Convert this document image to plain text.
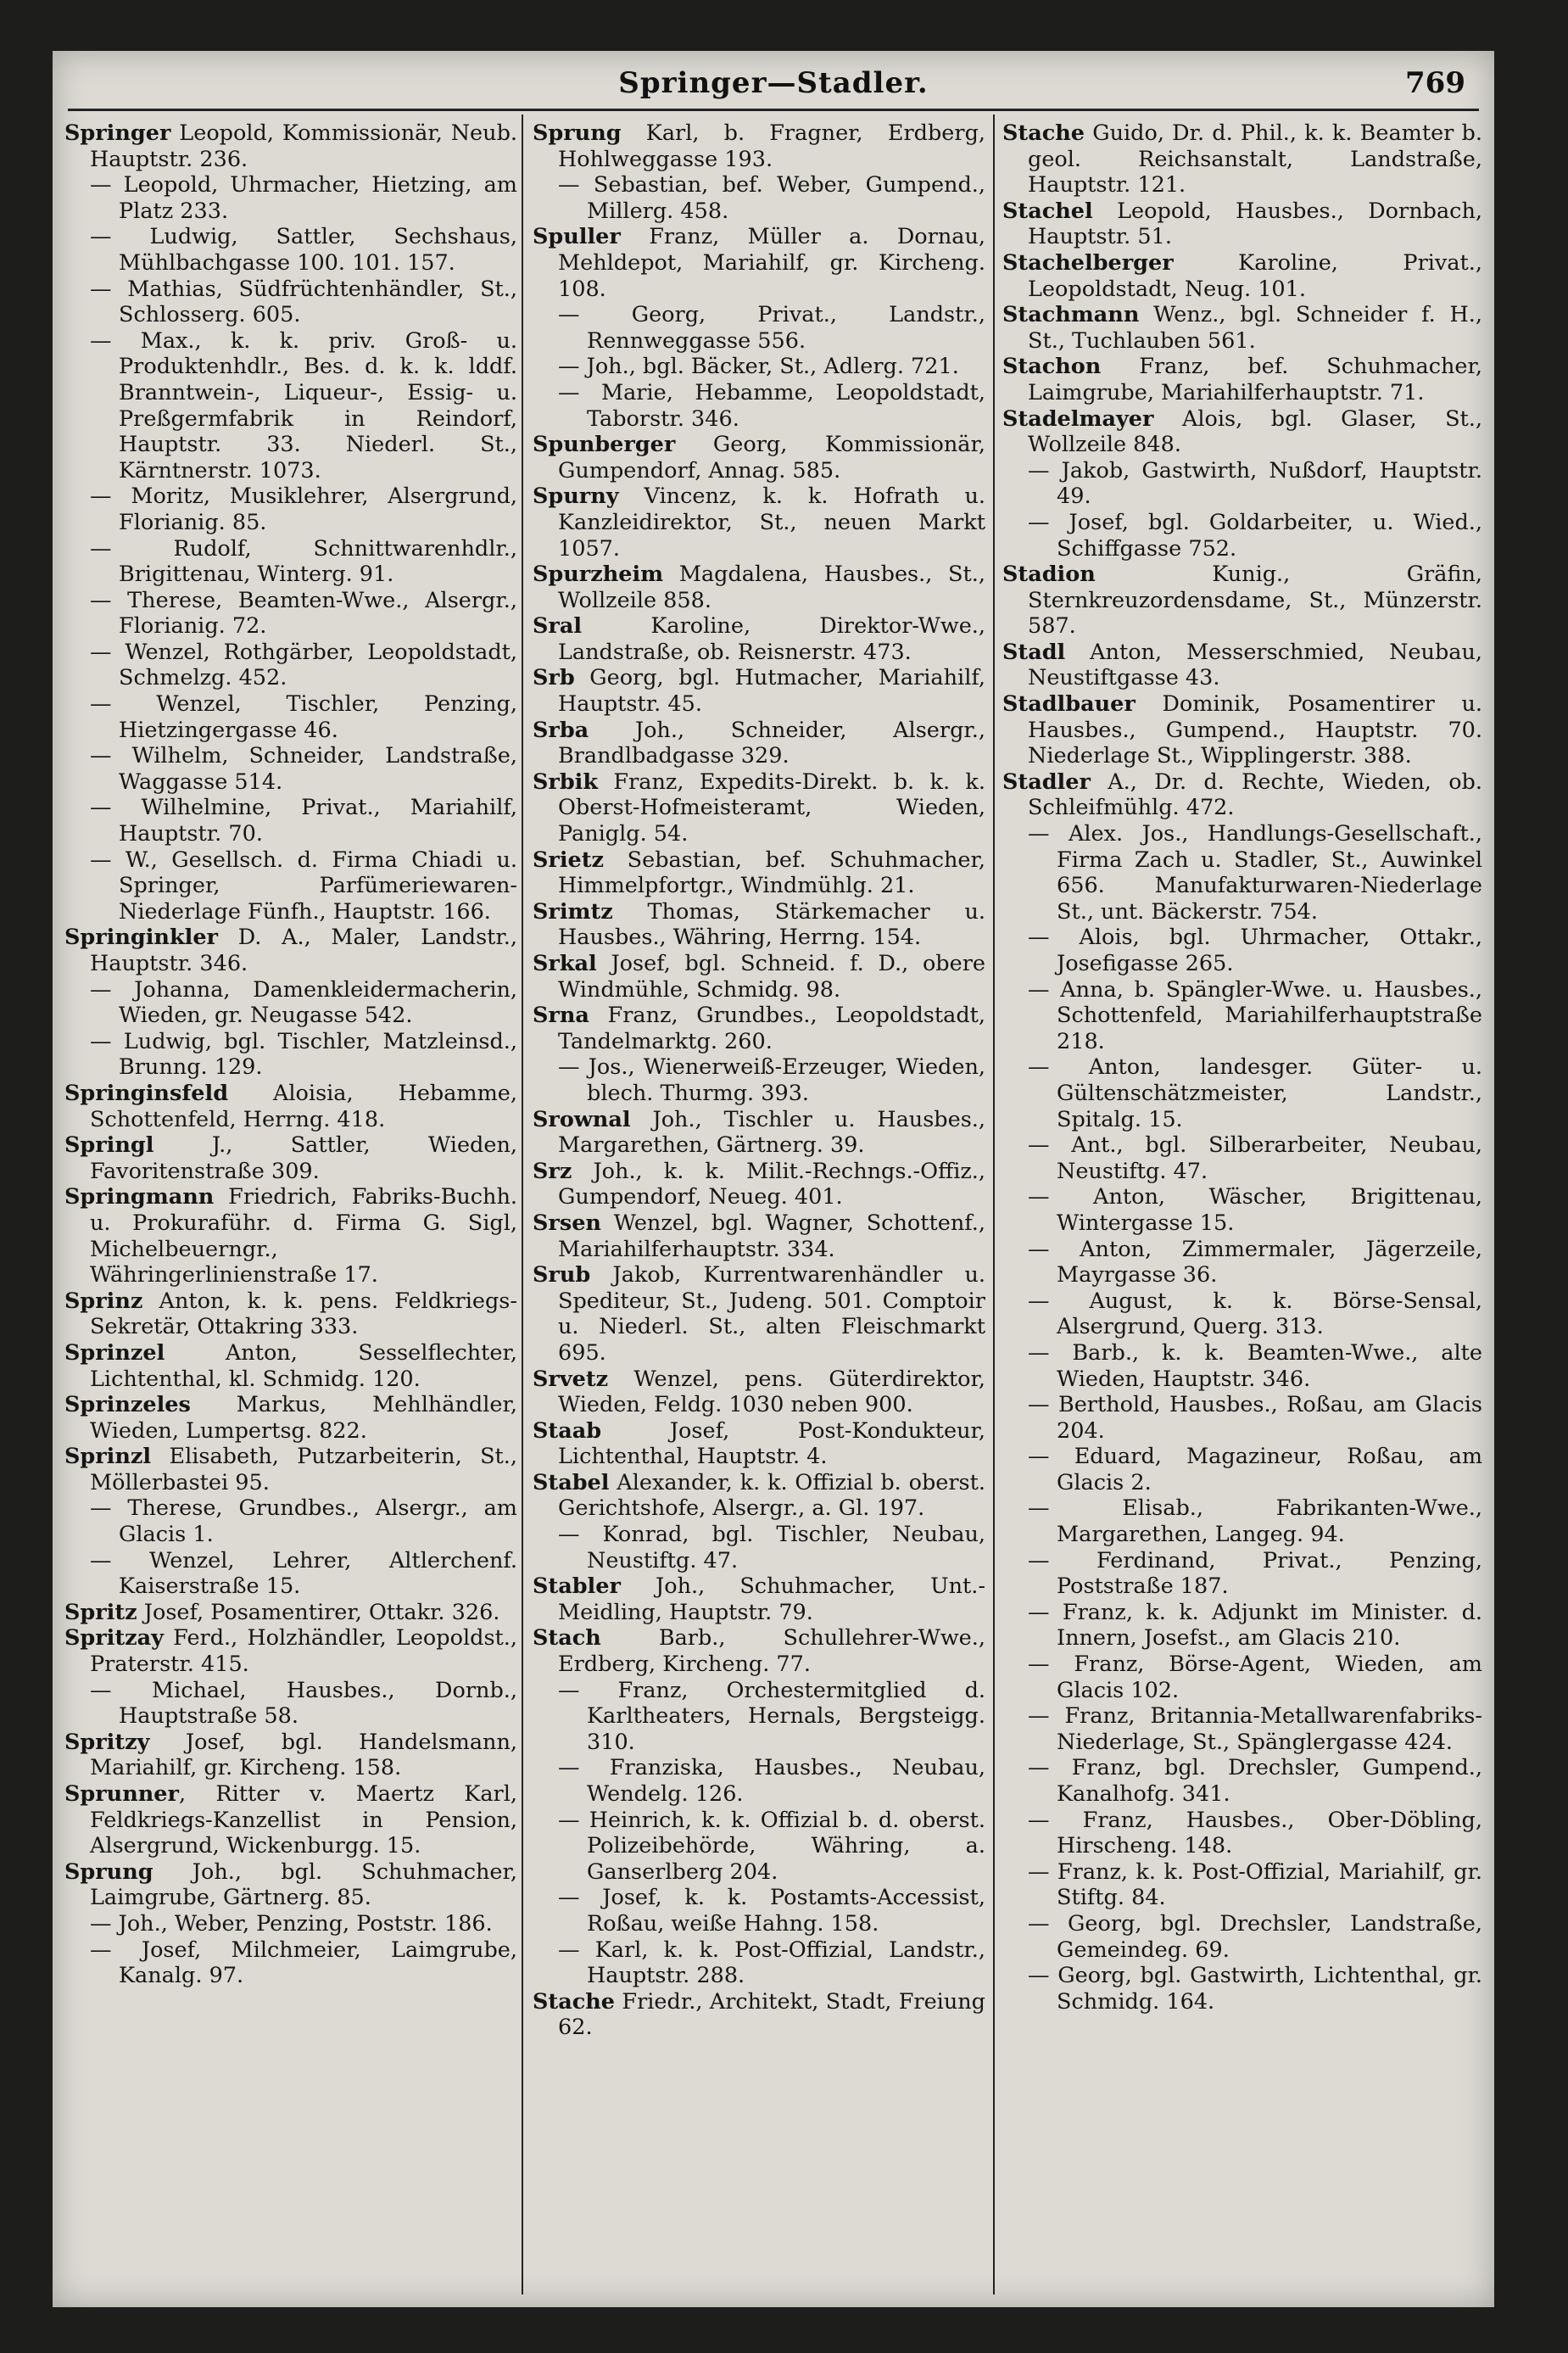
Springer—Stadler.	769

Springer Leopold, Kommissionär, Neub. Hauptstr. 236.

— Leopold, Uhrmacher, Hietzing, am Platz 233.

— Ludwig, Sattler, Sechshaus, Mühlbachgasse 100. 101. 157.

— Mathias, Südfrüchtenhändler, St., Schlosserg. 605.

— Max., k. k. priv. Groß- u. Produktenhdlr., Bes. d. k. k. lddf. Branntwein-, Liqueur-, Essig- u. Preßgermfabrik in Reindorf, Hauptstr. 33. Niederl. St., Kärntnerstr. 1073.

— Moritz, Musiklehrer, Alsergrund, Florianig. 85.

— Rudolf, Schnittwarenhdlr., Brigittenau, Winterg. 91.

— Therese, Beamten-Wwe., Alsergr., Florianig. 72.

— Wenzel, Rothgärber, Leopoldstadt, Schmelzg. 452.

— Wenzel, Tischler, Penzing, Hietzingergasse 46.

— Wilhelm, Schneider, Landstraße, Waggasse 514.

— Wilhelmine, Privat., Mariahilf, Hauptstr. 70.

— W., Gesellsch. d. Firma Chiadi u. Springer, Parfümeriewaren-Niederlage Fünfh., Hauptstr. 166.

Springinkler D. A., Maler, Landstr., Hauptstr. 346.

— Johanna, Damenkleidermacherin, Wieden, gr. Neugasse 542.

— Ludwig, bgl. Tischler, Matzleinsd., Brunng. 129.

Springinsfeld Aloisia, Hebamme, Schottenfeld, Herrng. 418.

Springl J., Sattler, Wieden, Favoritenstraße 309.

Springmann Friedrich, Fabriks-Buchh. u. Prokuraführ. d. Firma G. Sigl, Michelbeuerngr., Währingerlinienstraße 17.

Sprinz Anton, k. k. pens. Feldkriegs-Sekretär, Ottakring 333.

Sprinzel Anton, Sesselflechter, Lichtenthal, kl. Schmidg. 120.

Sprinzeles Markus, Mehlhändler, Wieden, Lumpertsg. 822.

Sprinzl Elisabeth, Putzarbeiterin, St., Möllerbastei 95.

— Therese, Grundbes., Alsergr., am Glacis 1.

— Wenzel, Lehrer, Altlerchenf. Kaiserstraße 15.

Spritz Josef, Posamentirer, Ottakr. 326.

Spritzay Ferd., Holzhändler, Leopoldst., Praterstr. 415.

— Michael, Hausbes., Dornb., Hauptstraße 58.

Spritzy Josef, bgl. Handelsmann, Mariahilf, gr. Kircheng. 158.

Sprunner, Ritter v. Maertz Karl, Feldkriegs-Kanzellist in Pension, Alsergrund, Wickenburgg. 15.

Sprung Joh., bgl. Schuhmacher, Laimgrube, Gärtnerg. 85.

— Joh., Weber, Penzing, Poststr. 186.

— Josef, Milchmeier, Laimgrube, Kanalg. 97.

Sprung Karl, b. Fragner, Erdberg, Hohlweggasse 193.

— Sebastian, bef. Weber, Gumpend., Millerg. 458.

Spuller Franz, Müller a. Dornau, Mehldepot, Mariahilf, gr. Kircheng. 108.

— Georg, Privat., Landstr., Rennweggasse 556.

— Joh., bgl. Bäcker, St., Adlerg. 721.

— Marie, Hebamme, Leopoldstadt, Taborstr. 346.

Spunberger Georg, Kommissionär, Gumpendorf, Annag. 585.

Spurny Vincenz, k. k. Hofrath u. Kanzleidirektor, St., neuen Markt 1057.

Spurzheim Magdalena, Hausbes., St., Wollzeile 858.

Sral Karoline, Direktor-Wwe., Landstraße, ob. Reisnerstr. 473.

Srb Georg, bgl. Hutmacher, Mariahilf, Hauptstr. 45.

Srba Joh., Schneider, Alsergr., Brandlbadgasse 329.

Srbik Franz, Expedits-Direkt. b. k. k. Oberst-Hofmeisteramt, Wieden, Paniglg. 54.

Srietz Sebastian, bef. Schuhmacher, Himmelpfortgr., Windmühlg. 21.

Srimtz Thomas, Stärkemacher u. Hausbes., Währing, Herrng. 154.

Srkal Josef, bgl. Schneid. f. D., obere Windmühle, Schmidg. 98.

Srna Franz, Grundbes., Leopoldstadt, Tandelmarktg. 260.

— Jos., Wienerweiß-Erzeuger, Wieden, blech. Thurmg. 393.

Srownal Joh., Tischler u. Hausbes., Margarethen, Gärtnerg. 39.

Srz Joh., k. k. Milit.-Rechngs.-Offiz., Gumpendorf, Neueg. 401.

Srsen Wenzel, bgl. Wagner, Schottenf., Mariahilferhauptstr. 334.

Srub Jakob, Kurrentwarenhändler u. Spediteur, St., Judeng. 501. Comptoir u. Niederl. St., alten Fleischmarkt 695.

Srvetz Wenzel, pens. Güterdirektor, Wieden, Feldg. 1030 neben 900.

Staab Josef, Post-Kondukteur, Lichtenthal, Hauptstr. 4.

Stabel Alexander, k. k. Offizial b. oberst. Gerichtshofe, Alsergr., a. Gl. 197.

— Konrad, bgl. Tischler, Neubau, Neustiftg. 47.

Stabler Joh., Schuhmacher, Unt.-Meidling, Hauptstr. 79.

Stach Barb., Schullehrer-Wwe., Erdberg, Kircheng. 77.

— Franz, Orchestermitglied d. Karltheaters, Hernals, Bergsteigg. 310.

— Franziska, Hausbes., Neubau, Wendelg. 126.

— Heinrich, k. k. Offizial b. d. oberst. Polizeibehörde, Währing, a. Ganserlberg 204.

— Josef, k. k. Postamts-Accessist, Roßau, weiße Hahng. 158.

— Karl, k. k. Post-Offizial, Landstr., Hauptstr. 288.

Stache Friedr., Architekt, Stadt, Freiung 62.

Stache Guido, Dr. d. Phil., k. k. Beamter b. geol. Reichsanstalt, Landstraße, Hauptstr. 121.

Stachel Leopold, Hausbes., Dornbach, Hauptstr. 51.

Stachelberger Karoline, Privat., Leopoldstadt, Neug. 101.

Stachmann Wenz., bgl. Schneider f. H., St., Tuchlauben 561.

Stachon Franz, bef. Schuhmacher, Laimgrube, Mariahilferhauptstr. 71.

Stadelmayer Alois, bgl. Glaser, St., Wollzeile 848.

— Jakob, Gastwirth, Nußdorf, Hauptstr. 49.

— Josef, bgl. Goldarbeiter, u. Wied., Schiffgasse 752.

Stadion Kunig., Gräfin, Sternkreuzordensdame, St., Münzerstr. 587.

Stadl Anton, Messerschmied, Neubau, Neustiftgasse 43.

Stadlbauer Dominik, Posamentirer u. Hausbes., Gumpend., Hauptstr. 70. Niederlage St., Wipplingerstr. 388.

Stadler A., Dr. d. Rechte, Wieden, ob. Schleifmühlg. 472.

— Alex. Jos., Handlungs-Gesellschaft., Firma Zach u. Stadler, St., Auwinkel 656. Manufakturwaren-Niederlage St., unt. Bäckerstr. 754.

— Alois, bgl. Uhrmacher, Ottakr., Josefigasse 265.

— Anna, b. Spängler-Wwe. u. Hausbes., Schottenfeld, Mariahilferhauptstraße 218.

— Anton, landesger. Güter- u. Gültenschätzmeister, Landstr., Spitalg. 15.

— Ant., bgl. Silberarbeiter, Neubau, Neustiftg. 47.

— Anton, Wäscher, Brigittenau, Wintergasse 15.

— Anton, Zimmermaler, Jägerzeile, Mayrgasse 36.

— August, k. k. Börse-Sensal, Alsergrund, Querg. 313.

— Barb., k. k. Beamten-Wwe., alte Wieden, Hauptstr. 346.

— Berthold, Hausbes., Roßau, am Glacis 204.

— Eduard, Magazineur, Roßau, am Glacis 2.

— Elisab., Fabrikanten-Wwe., Margarethen, Langeg. 94.

— Ferdinand, Privat., Penzing, Poststraße 187.

— Franz, k. k. Adjunkt im Minister. d. Innern, Josefst., am Glacis 210.

— Franz, Börse-Agent, Wieden, am Glacis 102.

— Franz, Britannia-Metallwarenfabriks-Niederlage, St., Spänglergasse 424.

— Franz, bgl. Drechsler, Gumpend., Kanalhofg. 341.

— Franz, Hausbes., Ober-Döbling, Hirscheng. 148.

— Franz, k. k. Post-Offizial, Mariahilf, gr. Stiftg. 84.

— Georg, bgl. Drechsler, Landstraße, Gemeindeg. 69.

— Georg, bgl. Gastwirth, Lichtenthal, gr. Schmidg. 164.
